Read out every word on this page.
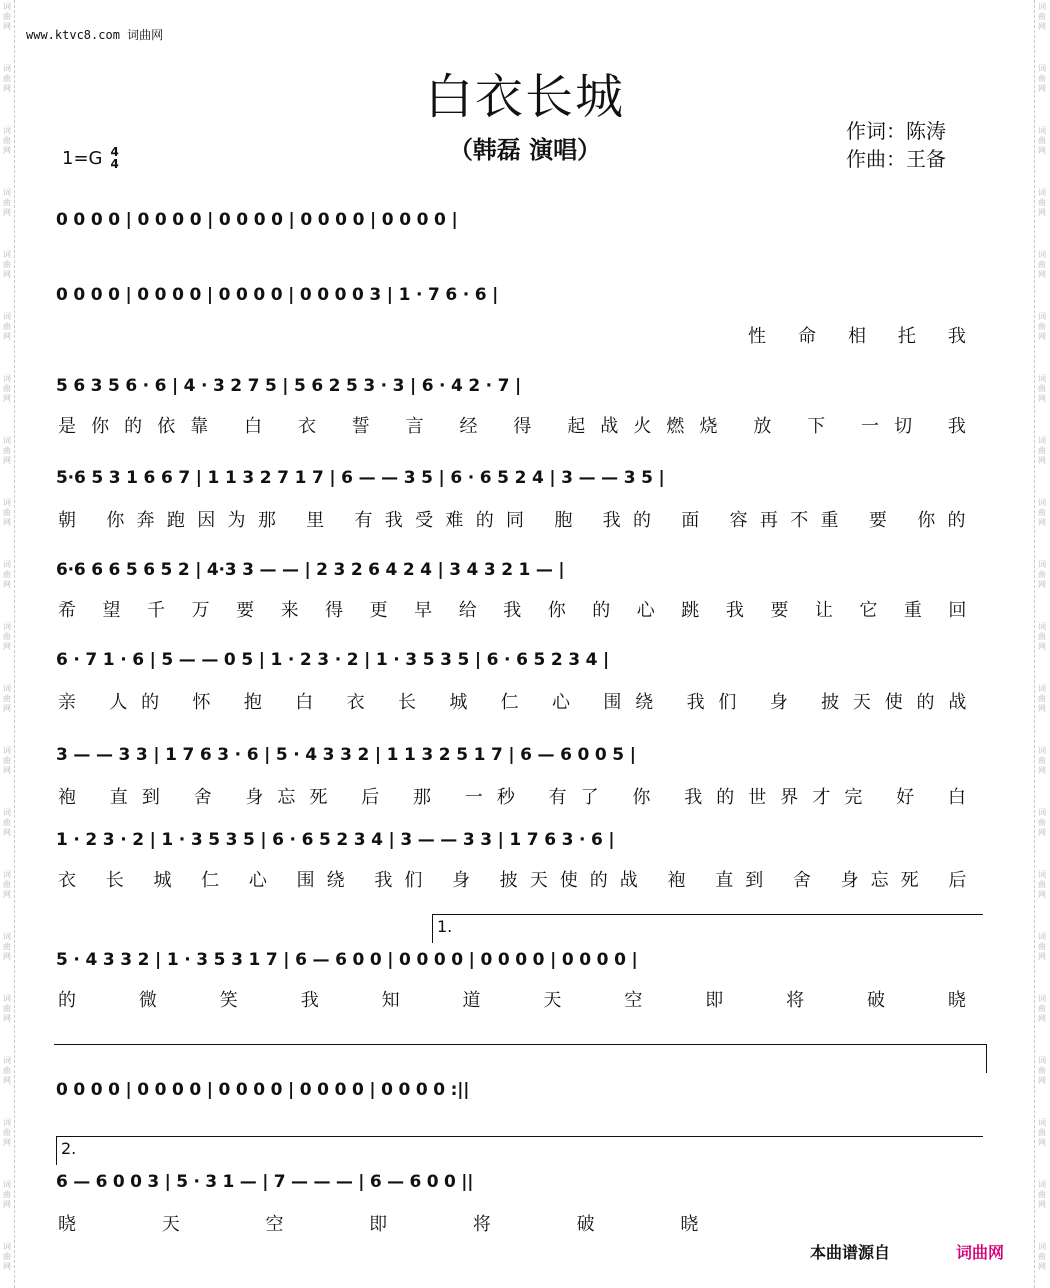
词
曲
网
词
曲
网
词
曲
网
词
曲
网
词
曲
网
词
曲
网
词
曲
网
词
曲
网
词
曲
网
词
曲
网
词
曲
网
词
曲
网
词
曲
网
词
曲
网
词
曲
网
词
曲
网
词
曲
网
词
曲
网
词
曲
网
词
曲
网
词
曲
网
词
曲
网
词
曲
网
词
曲
网
词
曲
网
词
曲
网
词
曲
网
词
曲
网
词
曲
网
词
曲
网
词
曲
网
词
曲
网
词
曲
网
词
曲
网
词
曲
网
词
曲
网
词
曲
网
词
曲
网
词
曲
网
词
曲
网
词
曲
网
词
曲
网
www.ktvc8.com 词曲网
白衣长城
（韩磊 演唱）
作词：陈涛
作曲：王备
1=G 4
4
1.
2.
0 0 0 0 | 0 0 0 0 | 0 0 0 0 | 0 0 0 0 | 0 0 0 0 |
0 0 0 0 | 0 0 0 0 | 0 0 0 0 | 0 0 0 0 3 | 1 · 7 6 · 6 |
性 命 相 托 我
5 6 3 5 6 · 6 | 4 · 3 2 7 5 | 5 6 2 5 3 · 3 | 6 · 4 2 · 7 |
是你的依靠 白 衣 誓 言 经 得 起战火燃烧 放 下 一切 我
5·6 5 3 1 6 6 7 | 1 1 3 2 7 1 7 | 6 — — 3 5 | 6 · 6 5 2 4 | 3 — — 3 5 |
朝 你奔跑因为那 里 有我受难的同 胞 我的 面 容再不重 要 你的
6·6 6 6 5 6 5 2 | 4·3 3 — — | 2 3 2 6 4 2 4 | 3 4 3 2 1 — |
希 望 千 万 要 来 得 更 早 给 我 你 的 心 跳 我 要 让 它 重 回
6 · 7 1 · 6 | 5 — — 0 5 | 1 · 2 3 · 2 | 1 · 3 5 3 5 | 6 · 6 5 2 3 4 |
亲 人的 怀 抱 白 衣 长 城 仁 心 围绕 我们 身 披天使的战
3 — — 3 3 | 1 7 6 3 · 6 | 5 · 4 3 3 2 | 1 1 3 2 5 1 7 | 6 — 6 0 0 5 |
袍 直到 舍 身忘死 后 那 一秒 有了 你 我的世界才完 好 白
1 · 2 3 · 2 | 1 · 3 5 3 5 | 6 · 6 5 2 3 4 | 3 — — 3 3 | 1 7 6 3 · 6 |
衣 长 城 仁 心 围绕 我们 身 披天使的战 袍 直到 舍 身忘死 后
5 · 4 3 3 2 | 1 · 3 5 3 1 7 | 6 — 6 0 0 | 0 0 0 0 | 0 0 0 0 | 0 0 0 0 |
的 微 笑 我 知 道 天 空 即 将 破 晓
0 0 0 0 | 0 0 0 0 | 0 0 0 0 | 0 0 0 0 | 0 0 0 0 :||
6 — 6 0 0 3 | 5 · 3 1 — | 7 — — — | 6 — 6 0 0 ||
晓 天 空 即 将 破 晓
本曲谱源自	词曲网
